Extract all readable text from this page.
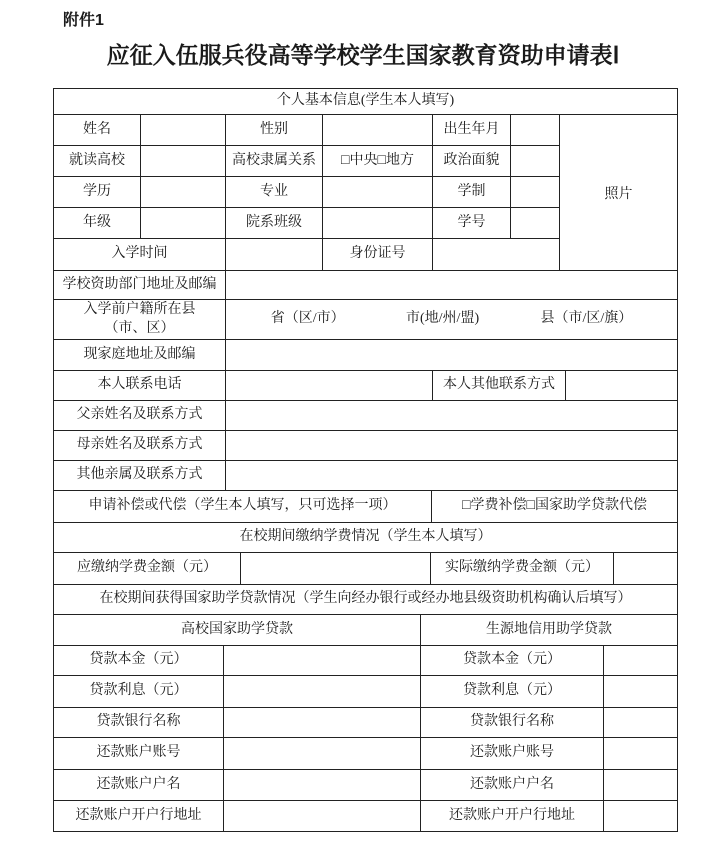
附件1
应征入伍服兵役高等学校学生国家教育资助申请表Ⅰ
个人基本信息(学生本人填写)
姓名	性别	出生年月
就读高校	高校隶属关系	□中央□地方	政治面貌
学历	专业	学制
年级	院系班级	学号
入学时间	身份证号
照片
学校资助部门地址及邮编
入学前户籍所在县
（市、区）
省（区/市）	市(地/州/盟)	县（市/区/旗）
现家庭地址及邮编
本人联系电话	本人其他联系方式
父亲姓名及联系方式
母亲姓名及联系方式
其他亲属及联系方式
申请补偿或代偿（学生本人填写，只可选择一项）	□学费补偿□国家助学贷款代偿
在校期间缴纳学费情况（学生本人填写）
应缴纳学费金额（元）	实际缴纳学费金额（元）
在校期间获得国家助学贷款情况（学生向经办银行或经办地县级资助机构确认后填写）
高校国家助学贷款	生源地信用助学贷款
贷款本金（元）	贷款本金（元）
贷款利息（元）	贷款利息（元）
贷款银行名称	贷款银行名称
还款账户账号	还款账户账号
还款账户户名	还款账户户名
还款账户开户行地址	还款账户开户行地址
